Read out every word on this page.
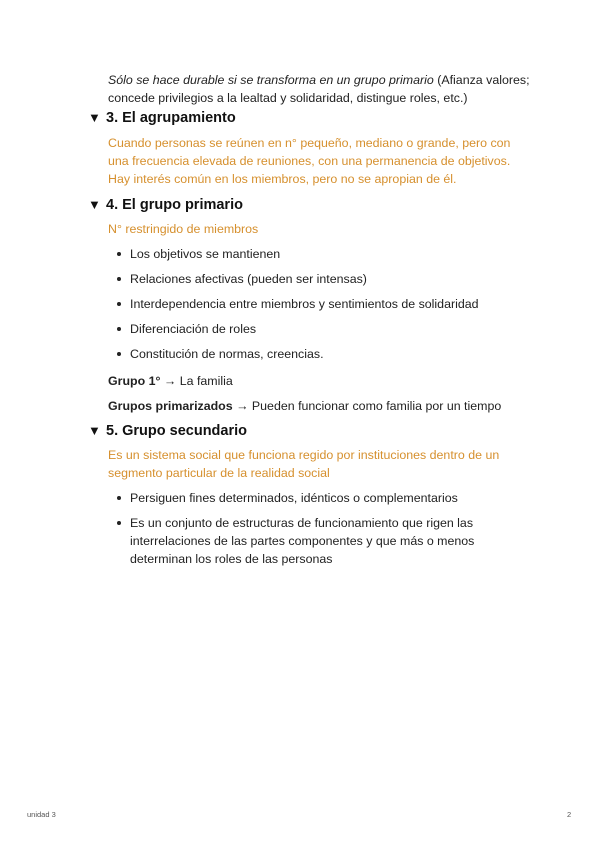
Sólo se hace durable si se transforma en un grupo primario (Afianza valores; concede privilegios a la lealtad y solidaridad, distingue roles, etc.)
▼ 3. El agrupamiento
Cuando personas se reúnen en n° pequeño, mediano o grande, pero con una frecuencia elevada de reuniones, con una permanencia de objetivos. Hay interés común en los miembros, pero no se apropian de él.
▼ 4. El grupo primario
N° restringido de miembros
Los objetivos se mantienen
Relaciones afectivas (pueden ser intensas)
Interdependencia entre miembros y sentimientos de solidaridad
Diferenciación de roles
Constitución de normas, creencias.
Grupo 1° → La familia
Grupos primarizados → Pueden funcionar como familia por un tiempo
▼ 5. Grupo secundario
Es un sistema social que funciona regido por instituciones dentro de un segmento particular de la realidad social
Persiguen fines determinados, idénticos o complementarios
Es un conjunto de estructuras de funcionamiento que rigen las interrelaciones de las partes componentes y que más o menos determinan los roles de las personas
unidad 3	2
